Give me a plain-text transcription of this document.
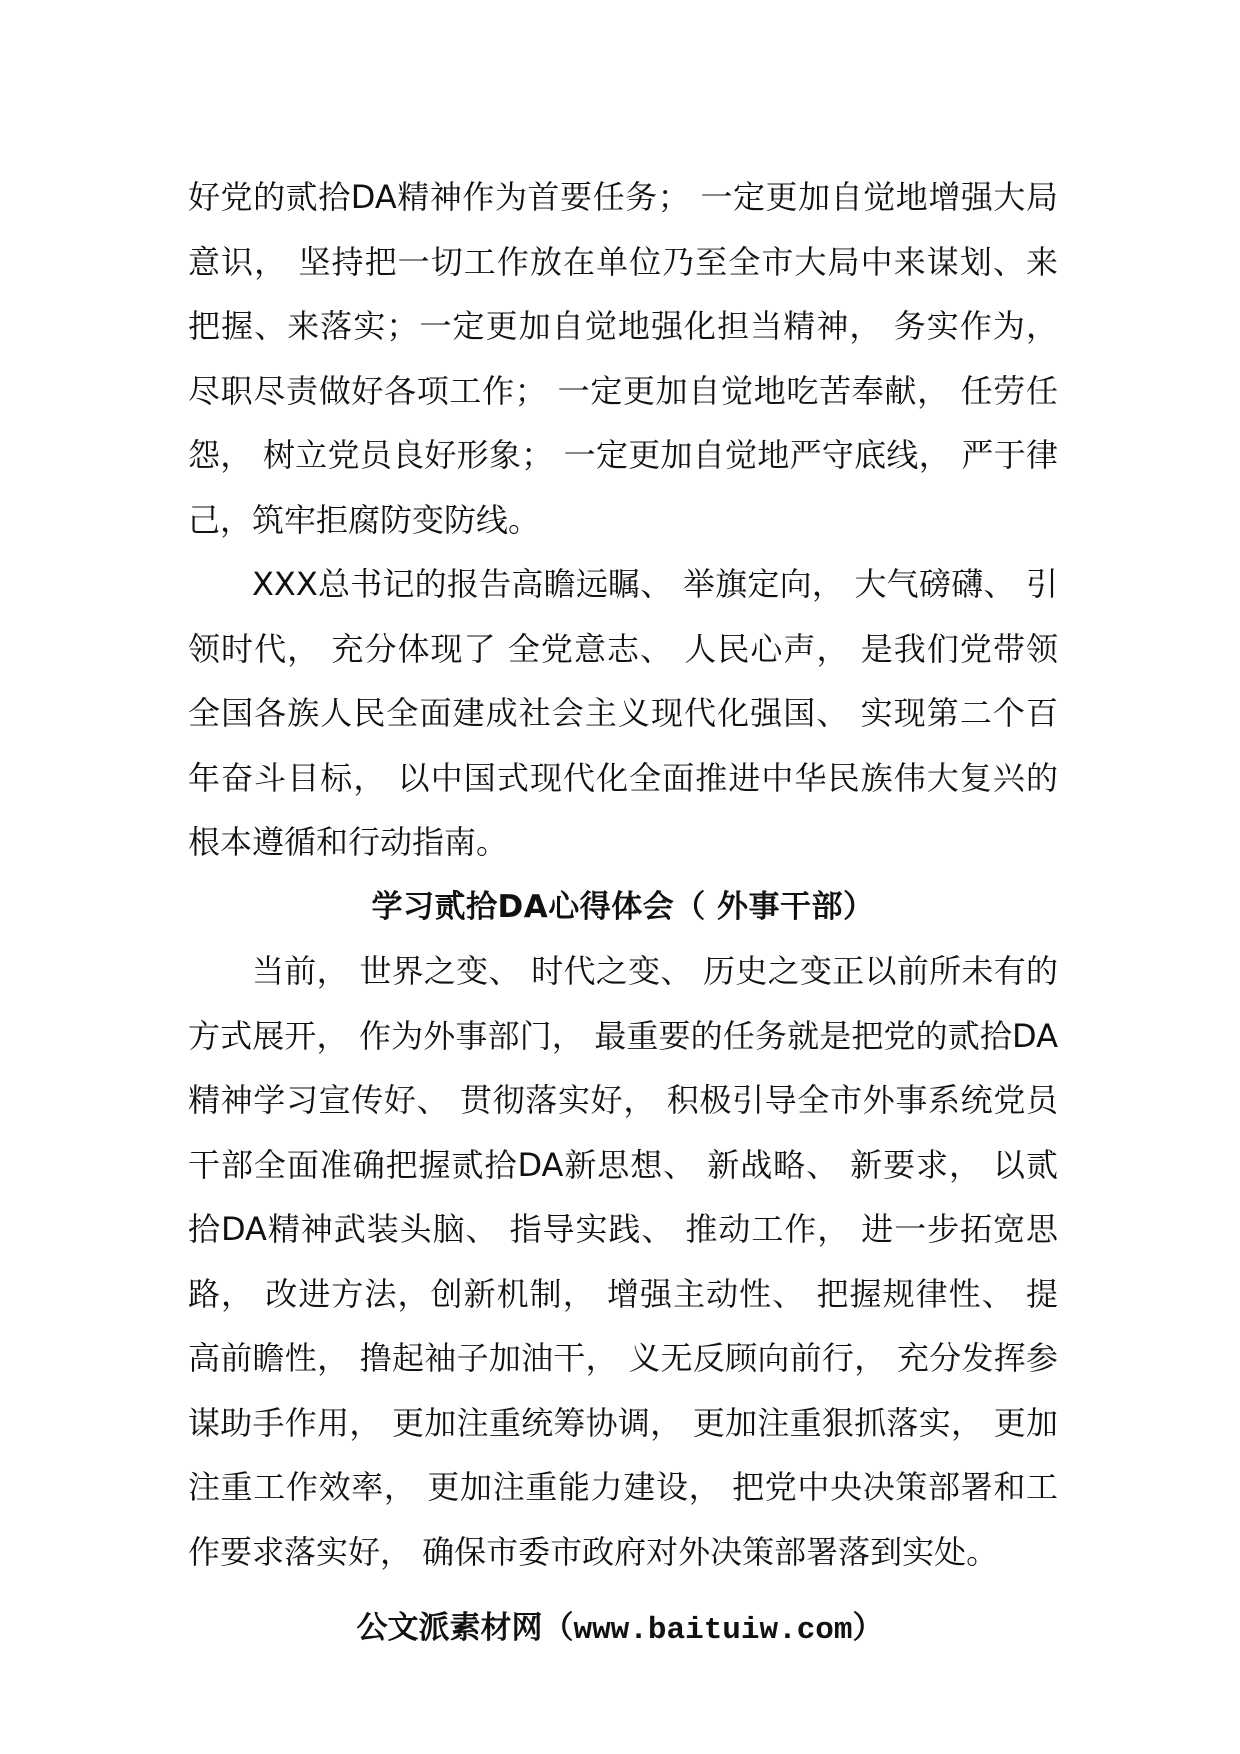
好党的贰拾DA精神作为首要任务； 一定更加自觉地增强大局意识， 坚持把一切工作放在单位乃至全市大局中来谋划、来把握、来落实；一定更加自觉地强化担当精神， 务实作为， 尽职尽责做好各项工作； 一定更加自觉地吃苦奉献， 任劳任怨， 树立党员良好形象； 一定更加自觉地严守底线， 严于律己，筑牢拒腐防变防线。

XXX总书记的报告高瞻远瞩、 举旗定向， 大气磅礴、 引领时代， 充分体现了 全党意志、 人民心声， 是我们党带领全国各族人民全面建成社会主义现代化强国、 实现第二个百年奋斗目标， 以中国式现代化全面推进中华民族伟大复兴的根本遵循和行动指南。

学习贰拾DA心得体会（ 外事干部）

当前， 世界之变、 时代之变、 历史之变正以前所未有的方式展开， 作为外事部门， 最重要的任务就是把党的贰拾DA精神学习宣传好、 贯彻落实好， 积极引导全市外事系统党员干部全面准确把握贰拾DA新思想、 新战略、 新要求， 以贰拾DA精神武装头脑、 指导实践、 推动工作， 进一步拓宽思路， 改进方法，创新机制， 增强主动性、 把握规律性、 提高前瞻性， 撸起袖子加油干， 义无反顾向前行， 充分发挥参谋助手作用， 更加注重统筹协调， 更加注重狠抓落实， 更加注重工作效率， 更加注重能力建设， 把党中央决策部署和工作要求落实好， 确保市委市政府对外决策部署落到实处。

公文派素材网（www.baituiw.com）
